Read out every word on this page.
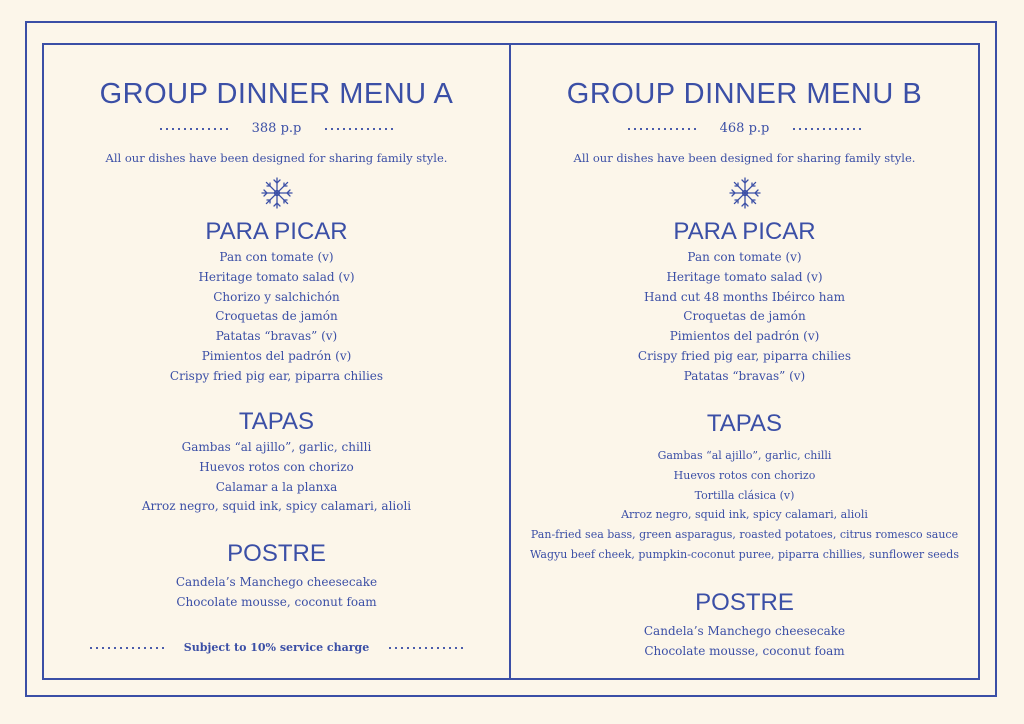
GROUP DINNER MENU A
388 p.p
All our dishes have been designed for sharing family style.
PARA PICAR
Pan con tomate (v)
Heritage tomato salad (v)
Chorizo y salchichón
Croquetas de jamón
Patatas “bravas” (v)
Pimientos del padrón (v)
Crispy fried pig ear, piparra chilies
TAPAS
Gambas “al ajillo”, garlic, chilli
Huevos rotos con chorizo
Calamar a la planxa
Arroz negro, squid ink, spicy calamari, alioli
POSTRE
Candela’s Manchego cheesecake
Chocolate mousse, coconut foam
Subject to 10% service charge
GROUP DINNER MENU B
468 p.p
All our dishes have been designed for sharing family style.
PARA PICAR
Pan con tomate (v)
Heritage tomato salad (v)
Hand cut 48 months Ibéirco ham
Croquetas de jamón
Pimientos del padrón (v)
Crispy fried pig ear, piparra chilies
Patatas “bravas” (v)
TAPAS
Gambas “al ajillo”, garlic, chilli
Huevos rotos con chorizo
Tortilla clásica (v)
Arroz negro, squid ink, spicy calamari, alioli
Pan-fried sea bass, green asparagus, roasted potatoes, citrus romesco sauce
Wagyu beef cheek, pumpkin-coconut puree, piparra chillies, sunflower seeds
POSTRE
Candela’s Manchego cheesecake
Chocolate mousse, coconut foam
